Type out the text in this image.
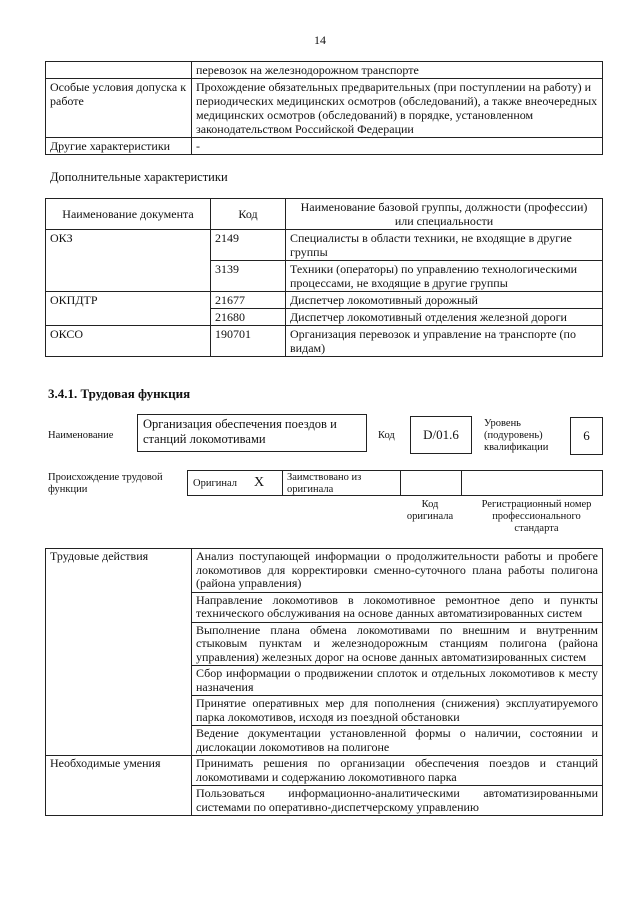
14
	перевозок на железнодорожном транспорте
Особые условия допуска к работе	Прохождение обязательных предварительных (при поступлении на работу) и периодических медицинских осмотров (обследований), а также внеочередных медицинских осмотров (обследований) в порядке, установленном законодательством Российской Федерации
Другие характеристики	-
Дополнительные характеристики
Наименование документа	Код	Наименование базовой группы, должности (профессии) или специальности
ОКЗ	2149	Специалисты в области техники, не входящие в другие группы
	3139	Техники (операторы) по управлению технологическими процессами, не входящие в другие группы
ОКПДТР	21677	Диспетчер локомотивный дорожный
	21680	Диспетчер локомотивный отделения железной дороги
ОКСО	190701	Организация перевозок и управление на транспорте (по видам)
3.4.1. Трудовая функция
Наименование
Организация обеспечения поездов и станций локомотивами	Код	D/01.6
Уровень (подуровень) квалификации
6
Происхождение трудовой функции
Оригинал X Заимствовано из оригинала
Код оригинала
Регистрационный номер профессионального стандарта
Трудовые действия	Анализ поступающей информации о продолжительности работы и пробеге локомотивов для корректировки сменно-суточного плана работы полигона (района управления)
	Направление локомотивов в локомотивное ремонтное депо и пункты технического обслуживания на основе данных автоматизированных систем
	Выполнение плана обмена локомотивами по внешним и внутренним стыковым пунктам и железнодорожным станциям полигона (района управления) железных дорог на основе данных автоматизированных систем
	Сбор информации о продвижении сплоток и отдельных локомотивов к месту назначения
	Принятие оперативных мер для пополнения (снижения) эксплуатируемого парка локомотивов, исходя из поездной обстановки
	Ведение документации установленной формы о наличии, состоянии и дислокации локомотивов на полигоне
Необходимые умения	Принимать решения по организации обеспечения поездов и станций локомотивами и содержанию локомотивного парка
	Пользоваться информационно-аналитическими автоматизированными системами по оперативно-диспетчерскому управлению
